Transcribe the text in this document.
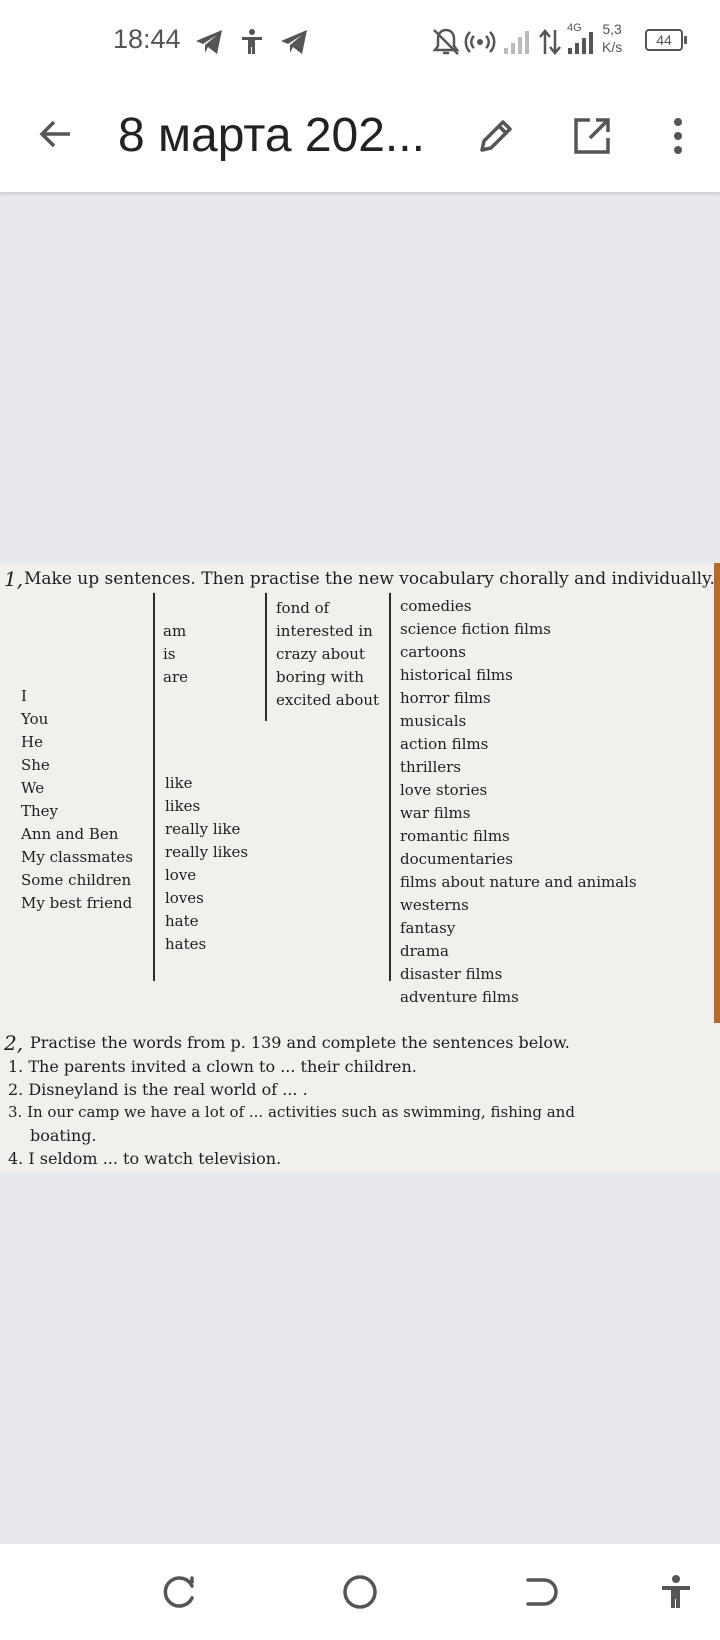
18:44	4G 5,3
K/s	44
8 марта 202...
1, Make up sentences. Then practise the new vocabulary chorally and individually.
I
You
He
She
We
They
Ann and Ben
My classmates
Some children
My best friend
am
is
are
like
likes
really like
really likes
love
loves
hate
hates
fond of
interested in
crazy about
boring with
excited about
comedies
science fiction films
cartoons
historical films
horror films
musicals
action films
thrillers
love stories
war films
romantic films
documentaries
films about nature and animals
westerns
fantasy
drama
disaster films
adventure films
2, Practise the words from p. 139 and complete the sentences below.
1. The parents invited a clown to ... their children.
2. Disneyland is the real world of ... .
3. In our camp we have a lot of ... activities such as swimming, fishing and
boating.
4. I seldom ... to watch television.
